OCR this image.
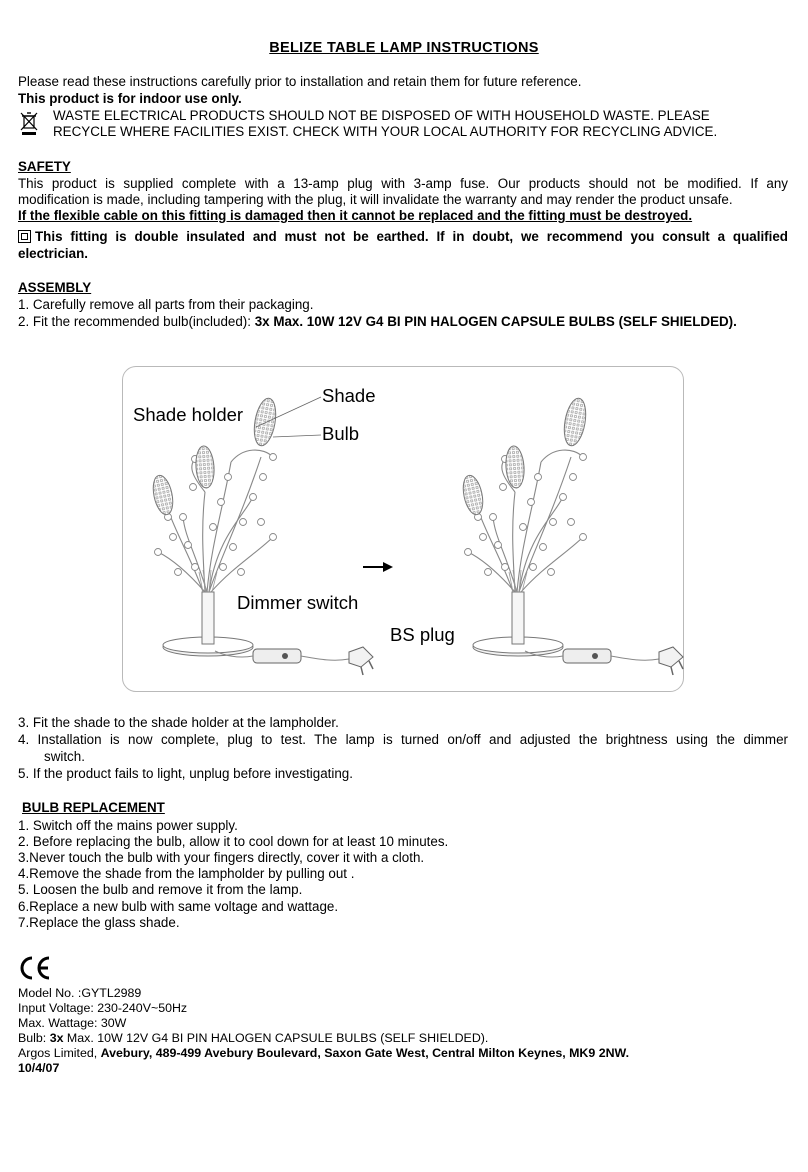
BELIZE TABLE LAMP INSTRUCTIONS
Please read these instructions carefully prior to installation and retain them for future reference.
This product is for indoor use only.
WASTE ELECTRICAL PRODUCTS SHOULD NOT BE DISPOSED OF WITH HOUSEHOLD WASTE. PLEASE
RECYCLE WHERE FACILITIES EXIST. CHECK WITH YOUR LOCAL AUTHORITY FOR RECYCLING ADVICE.
SAFETY
This product is supplied complete with a 13-amp plug with 3-amp fuse. Our products should not be modified. If any
modification is made, including tampering with the plug, it will invalidate the warranty and may render the product unsafe.
If the flexible cable on this fitting is damaged then it cannot be replaced and the fitting must be destroyed.
This fitting is double insulated and must not be earthed. If in doubt, we recommend you consult a qualified
electrician.
ASSEMBLY
1. Carefully remove all parts from their packaging.
2. Fit the recommended bulb(included): 3x Max. 10W 12V G4 BI PIN HALOGEN CAPSULE BULBS (SELF SHIELDED).
Shade
Shade holder
Bulb
Dimmer switch
BS plug
3. Fit the shade to the shade holder at the lampholder.
4. Installation is now complete, plug to test. The lamp is turned on/off and adjusted the brightness using the dimmer
switch.
5. If the product fails to light, unplug before investigating.
BULB REPLACEMENT
1. Switch off the mains power supply.
2. Before replacing the bulb, allow it to cool down for at least 10 minutes.
3.Never touch the bulb with your fingers directly, cover it with a cloth.
4.Remove the shade from the lampholder by pulling out .
5. Loosen the bulb and remove it from the lamp.
6.Replace a new bulb with same voltage and wattage.
7.Replace the glass shade.
Model No. :GYTL2989
Input Voltage: 230-240V~50Hz
Max. Wattage: 30W
Bulb: 3x Max. 10W 12V G4 BI PIN HALOGEN CAPSULE BULBS (SELF SHIELDED).
Argos Limited, Avebury, 489-499 Avebury Boulevard, Saxon Gate West, Central Milton Keynes, MK9 2NW.
10/4/07
